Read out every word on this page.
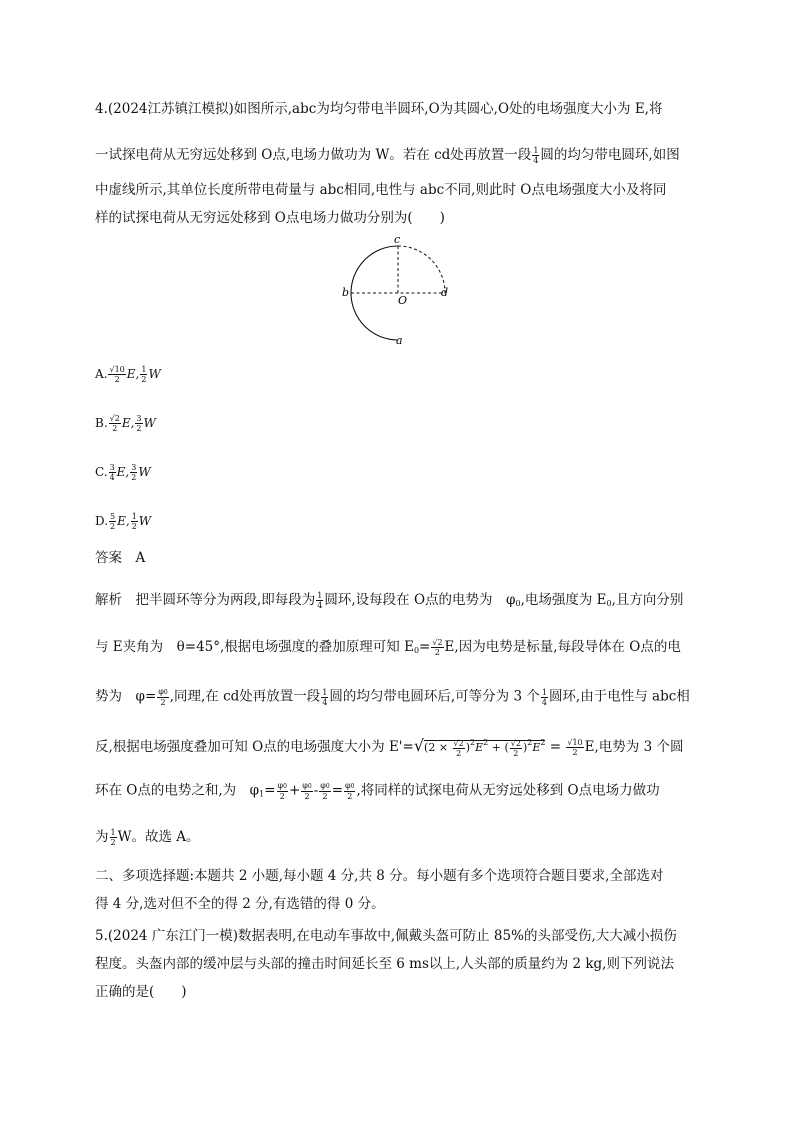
4.(2024江苏镇江模拟)如图所示,abc为均匀带电半圆环,O为其圆心,O处的电场强度大小为 E,将
一试探电荷从无穷远处移到 O点,电场力做功为 W。若在 cd处再放置一段 $\frac{1}{4}$ 圆的均匀带电圆环,如图
中虚线所示,其单位长度所带电荷量与 abc相同,电性与 abc不同,则此时 O点电场强度大小及将同
样的试探电荷从无穷远处移到 O点电场力做功分别为(　　)
c
b
O
d
a
A. $\frac{√10}{2} E$, $\frac{1}{2}$ W
B. $\frac{√2}{2} E$, $\frac{3}{2}$ W
C. $\frac{3}{4} E$, $\frac{3}{2}$ W
D. $\frac{5}{2} E$, $\frac{1}{2}$ W
答案　A
解析　把半圆环等分为两段,即每段为 $\frac{1}{4}$ 圆环,设每段在 O点的电势为　$\varphi_0$,电场强度为 $E_0$,且方向分别
与 E夹角为　θ=45°,根据电场强度的叠加原理可知 $E_0= \frac{√2}{2} E$,因为电势是标量,每段导体在 O点的电
势为　$\varphi= \frac{\varphi 0}{2}$ ,同理,在 cd处再放置一段 $\frac{1}{4}$ 圆的均匀带电圆环后,可等分为 3 个 $\frac{1}{4}$ 圆环,由于电性与 abc相
反,根据电场强度叠加可知 O点的电场强度大小为 $E'=√(2 \times \frac{√2}{2} )^2E^2$ + ( $\frac{√2}{2} )^2E^2 = \frac{√10}{2} E$,电势为 3 个圆
环在 O点的电势之和,为　$\varphi_1= \frac{\varphi 0}{2} + \frac{\varphi 0}{2} - \frac{\varphi 0}{2} = \frac{\varphi 0}{2}$ ,将同样的试探电荷从无穷远处移到 O点电场力做功
为 $\frac{1}{2}$ W。故选 A。
二、多项选择题:本题共 2 小题,每小题 4 分,共 8 分。每小题有多个选项符合题目要求,全部选对
得 4 分,选对但不全的得 2 分,有选错的得 0 分。
5.(2024 广东江门一模)数据表明,在电动车事故中,佩戴头盔可防止 85%的头部受伤,大大减小损伤
程度。头盔内部的缓冲层与头部的撞击时间延长至 6 ms以上,人头部的质量约为 2 kg,则下列说法
正确的是(　　)
